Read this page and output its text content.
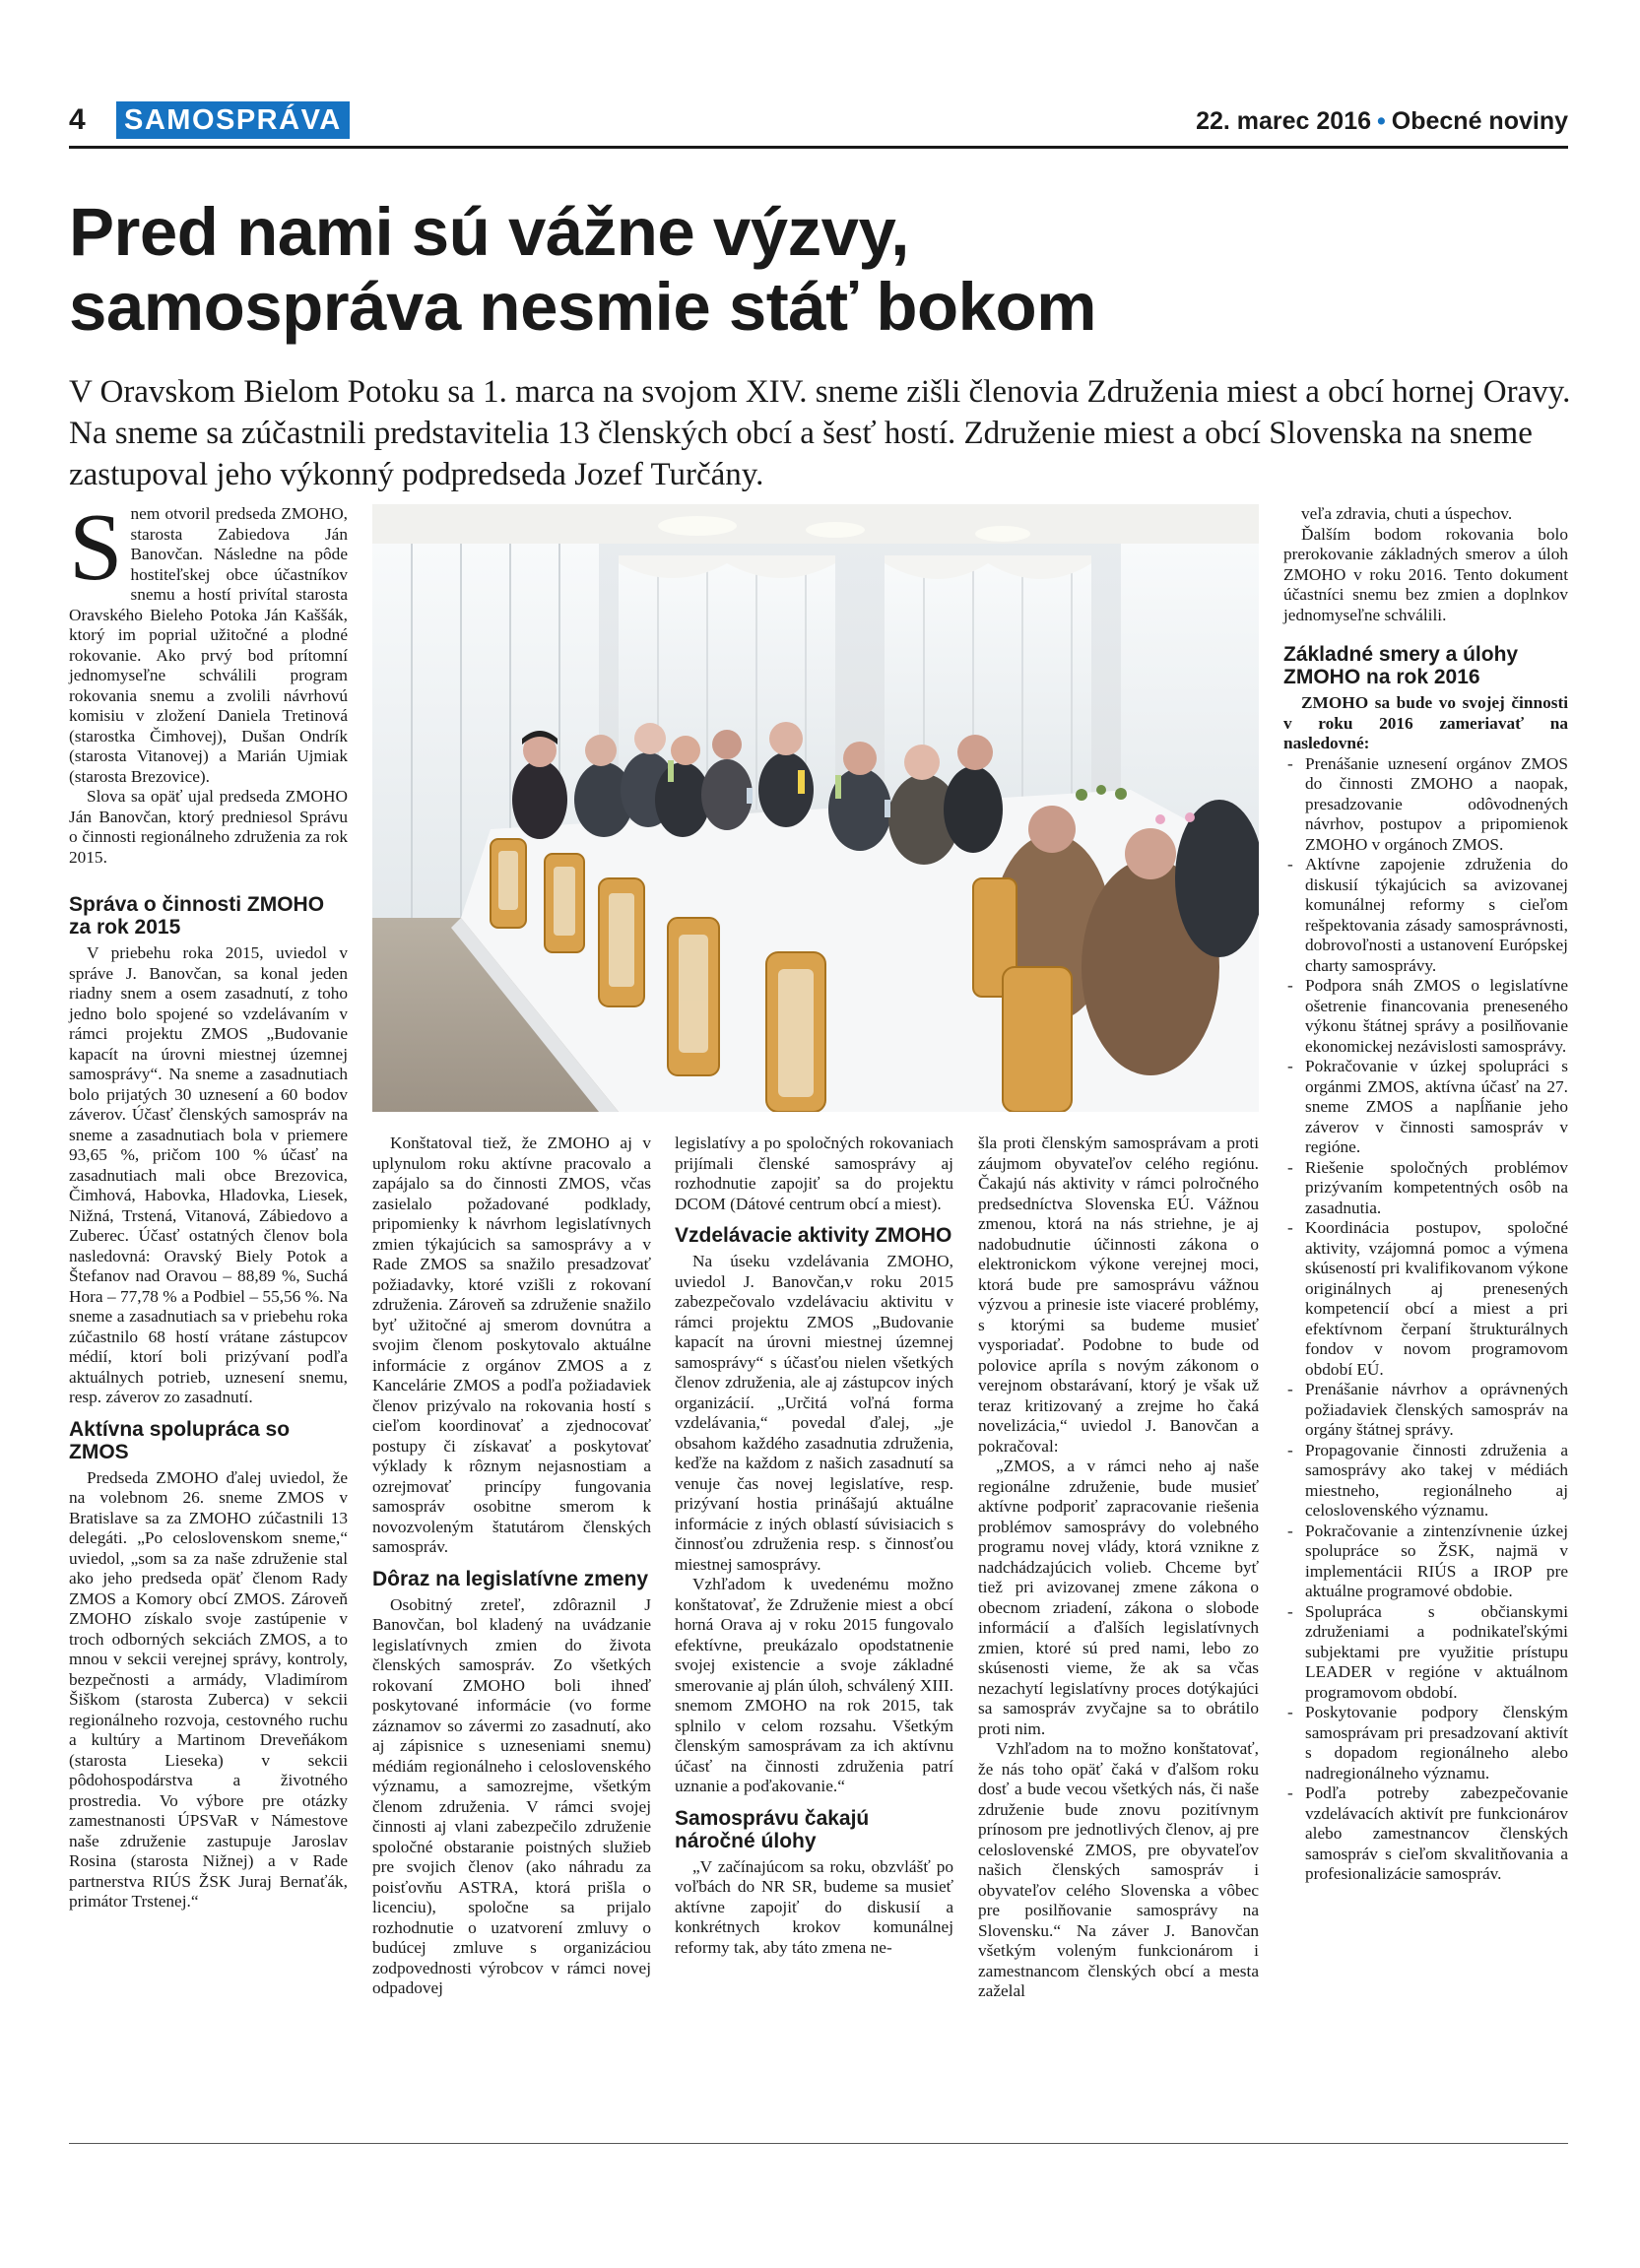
4 SAMOSPRÁVA	22. marec 2016 • Obecné noviny
Pred nami sú vážne výzvy,
samospráva nesmie stáť bokom

V Oravskom Bielom Potoku sa 1. marca na svojom XIV. sneme zišli členovia Združenia miest a obcí hornej Oravy. Na sneme sa zúčastnili predstavitelia 13 členských obcí a šesť hostí. Združenie miest a obcí Slovenska na sneme zastupoval jeho výkonný podpredseda Jozef Turčány.

Snem otvoril predseda ZMOHO, starosta Zabiedova Ján Banovčan. Následne na pôde hostiteľskej obce účastníkov snemu a hostí privítal starosta Oravského Bieleho Potoka Ján Kaššák, ktorý im poprial užitočné a plodné rokovanie. Ako prvý bod prítomní jednomyseľne schválili program rokovania snemu a zvolili návrhovú komisiu v zložení Daniela Tretinová (starostka Čimhovej), Dušan Ondrík (starosta Vitanovej) a Marián Ujmiak (starosta Brezovice).

Slova sa opäť ujal predseda ZMOHO Ján Banovčan, ktorý predniesol Správu o činnosti regionálneho združenia za rok 2015.

Správa o činnosti ZMOHO za rok 2015

V priebehu roka 2015, uviedol v správe J. Banovčan, sa konal jeden riadny snem a osem zasadnutí, z toho jedno bolo spojené so vzdelávaním v rámci projektu ZMOS „Budovanie kapacít na úrovni miestnej územnej samosprávy“. Na sneme a zasadnutiach bolo prijatých 30 uznesení a 60 bodov záverov. Účasť členských samospráv na sneme a zasadnutiach bola v priemere 93,65 %, pričom 100 % účasť na zasadnutiach mali obce Brezovica, Čimhová, Habovka, Hladovka, Liesek, Nižná, Trstená, Vitanová, Zábiedovo a Zuberec. Účasť ostatných členov bola nasledovná: Oravský Biely Potok a Štefanov nad Oravou – 88,89 %, Suchá Hora – 77,78 % a Podbiel – 55,56 %. Na sneme a zasadnutiach sa v priebehu roka zúčastnilo 68 hostí vrátane zástupcov médií, ktorí boli prizývaní podľa aktuálnych potrieb, uznesení snemu, resp. záverov zo zasadnutí.

Aktívna spolupráca so ZMOS

Predseda ZMOHO ďalej uviedol, že na volebnom 26. sneme ZMOS v Bratislave sa za ZMOHO zúčastnili 13 delegáti. „Po celoslovenskom sneme,“ uviedol, „som sa za naše združenie stal ako jeho predseda opäť členom Rady ZMOS a Komory obcí ZMOS. Zároveň ZMOHO získalo svoje zastúpenie v troch odborných sekciách ZMOS, a to mnou v sekcii verejnej správy, kontroly, bezpečnosti a armády, Vladimírom Šiškom (starosta Zuberca) v sekcii regionálneho rozvoja, cestovného ruchu a kultúry a Martinom Dreveňákom (starosta Lieseka) v sekcii pôdohospodárstva a životného prostredia. Vo výbore pre otázky zamestnanosti ÚPSVaR v Námestove naše združenie zastupuje Jaroslav Rosina (starosta Nižnej) a v Rade partnerstva RIÚS ŽSK Juraj Bernaťák, primátor Trstenej.“

Konštatoval tiež, že ZMOHO aj v uplynulom roku aktívne pracovalo a zapájalo sa do činnosti ZMOS, včas zasielalo požadované podklady, pripomienky k návrhom legislatívnych zmien týkajúcich sa samosprávy a v Rade ZMOS sa snažilo presadzovať požiadavky, ktoré vzišli z rokovaní združenia. Zároveň sa združenie snažilo byť užitočné aj smerom dovnútra a svojim členom poskytovalo aktuálne informácie z orgánov ZMOS a z Kancelárie ZMOS a podľa požiadaviek členov prizývalo na rokovania hostí s cieľom koordinovať a zjednocovať postupy či získavať a poskytovať výklady k rôznym nejasnostiam a ozrejmovať princípy fungovania samospráv osobitne smerom k novozvoleným štatutárom členských samospráv.

Dôraz na legislatívne zmeny

Osobitný zreteľ, zdôraznil J Banovčan, bol kladený na uvádzanie legislatívnych zmien do života členských samospráv. Zo všetkých rokovaní ZMOHO boli ihneď poskytované informácie (vo forme záznamov so závermi zo zasadnutí, ako aj zápisnice s uzneseniami snemu) médiám regionálneho i celoslovenského významu, a samozrejme, všetkým členom združenia. V rámci svojej činnosti aj vlani zabezpečilo združenie spoločné obstaranie poistných služieb pre svojich členov (ako náhradu za poisťovňu ASTRA, ktorá prišla o licenciu), spoločne sa prijalo rozhodnutie o uzatvorení zmluvy o budúcej zmluve s organizáciou zodpovednosti výrobcov v rámci novej odpadovej

legislatívy a po spoločných rokovaniach prijímali členské samosprávy aj rozhodnutie zapojiť sa do projektu DCOM (Dátové centrum obcí a miest).

Vzdelávacie aktivity ZMOHO

Na úseku vzdelávania ZMOHO, uviedol J. Banovčan,v roku 2015 zabezpečovalo vzdelávaciu aktivitu v rámci projektu ZMOS „Budovanie kapacít na úrovni miestnej územnej samosprávy“ s účasťou nielen všetkých členov združenia, ale aj zástupcov iných organizácií. „Určitá voľná forma vzdelávania,“ povedal ďalej, „je obsahom každého zasadnutia združenia, keďže na každom z našich zasadnutí sa venuje čas novej legislatíve, resp. prizývaní hostia prinášajú aktuálne informácie z iných oblastí súvisiacich s činnosťou združenia resp. s činnosťou miestnej samosprávy.

Vzhľadom k uvedenému možno konštatovať, že Združenie miest a obcí horná Orava aj v roku 2015 fungovalo efektívne, preukázalo opodstatnenie svojej existencie a svoje základné smerovanie aj plán úloh, schválený XIII. snemom ZMOHO na rok 2015, tak splnilo v celom rozsahu. Všetkým členským samosprávam za ich aktívnu účasť na činnosti združenia patrí uznanie a poďakovanie.“

Samosprávu čakajú náročné úlohy

„V začínajúcom sa roku, obzvlášť po voľbách do NR SR, budeme sa musieť aktívne zapojiť do diskusií a konkrétnych krokov komunálnej reformy tak, aby táto zmena ne-

šla proti členským samosprávam a proti záujmom obyvateľov celého regiónu. Čakajú nás aktivity v rámci polročného predsedníctva Slovenska EÚ. Vážnou zmenou, ktorá na nás striehne, je aj nadobudnutie účinnosti zákona o elektronickom výkone verejnej moci, ktorá bude pre samosprávu vážnou výzvou a prinesie iste viaceré problémy, s ktorými sa budeme musieť vysporiadať. Podobne to bude od polovice apríla s novým zákonom o verejnom obstarávaní, ktorý je však už teraz kritizovaný a zrejme ho čaká novelizácia,“ uviedol J. Banovčan a pokračoval:

„ZMOS, a v rámci neho aj naše regionálne združenie, bude musieť aktívne podporiť zapracovanie riešenia problémov samosprávy do volebného programu novej vlády, ktorá vznikne z nadchádzajúcich volieb. Chceme byť tiež pri avizovanej zmene zákona o obecnom zriadení, zákona o slobode informácií a ďalších legislatívnych zmien, ktoré sú pred nami, lebo zo skúsenosti vieme, že ak sa včas nezachytí legislatívny proces dotýkajúci sa samospráv zvyčajne sa to obrátilo proti nim.

Vzhľadom na to možno konštatovať, že nás toho opäť čaká v ďalšom roku dosť a bude vecou všetkých nás, či naše združenie bude znovu pozitívnym prínosom pre jednotlivých členov, aj pre celoslovenské ZMOS, pre obyvateľov našich členských samospráv i obyvateľov celého Slovenska a vôbec pre posilňovanie samosprávy na Slovensku.“ Na záver J. Banovčan všetkým voleným funkcionárom i zamestnancom členských obcí a mesta zaželal

veľa zdravia, chuti a úspechov.

Ďalším bodom rokovania bolo prerokovanie základných smerov a úloh ZMOHO v roku 2016. Tento dokument účastníci snemu bez zmien a doplnkov jednomyseľne schválili.

Základné smery a úlohy ZMOHO na rok 2016

ZMOHO sa bude vo svojej činnosti v roku 2016 zameriavať na nasledovné:

- Prenášanie uznesení orgánov ZMOS do činnosti ZMOHO a naopak, presadzovanie odôvodnených návrhov, postupov a pripomienok ZMOHO v orgánoch ZMOS.
- Aktívne zapojenie združenia do diskusií týkajúcich sa avizovanej komunálnej reformy s cieľom rešpektovania zásady samosprávnosti, dobrovoľnosti a ustanovení Európskej charty samosprávy.
- Podpora snáh ZMOS o legislatívne ošetrenie financovania preneseného výkonu štátnej správy a posilňovanie ekonomickej nezávislosti samosprávy.
- Pokračovanie v úzkej spolupráci s orgánmi ZMOS, aktívna účasť na 27. sneme ZMOS a napĺňanie jeho záverov v činnosti samospráv v regióne.
- Riešenie spoločných problémov prizývaním kompetentných osôb na zasadnutia.
- Koordinácia postupov, spoločné aktivity, vzájomná pomoc a výmena skúseností pri kvalifikovanom výkone originálnych aj prenesených kompetencií obcí a miest a pri efektívnom čerpaní štrukturálnych fondov v novom programovom období EÚ.
- Prenášanie návrhov a oprávnených požiadaviek členských samospráv na orgány štátnej správy.
- Propagovanie činnosti združenia a samosprávy ako takej v médiách miestneho, regionálneho aj celoslovenského významu.
- Pokračovanie a zintenzívnenie úzkej spolupráce so ŽSK, najmä v implementácii RIÚS a IROP pre aktuálne programové obdobie.
- Spolupráca s občianskymi združeniami a podnikateľskými subjektami pre využitie prístupu LEADER v regióne v aktuálnom programovom období.
- Poskytovanie podpory členským samosprávam pri presadzovaní aktivít s dopadom regionálneho alebo nadregionálneho významu.
- Podľa potreby zabezpečovanie vzdelávacích aktivít pre funkcionárov alebo zamestnancov členských samospráv s cieľom skvalitňovania a profesionalizácie samospráv.
